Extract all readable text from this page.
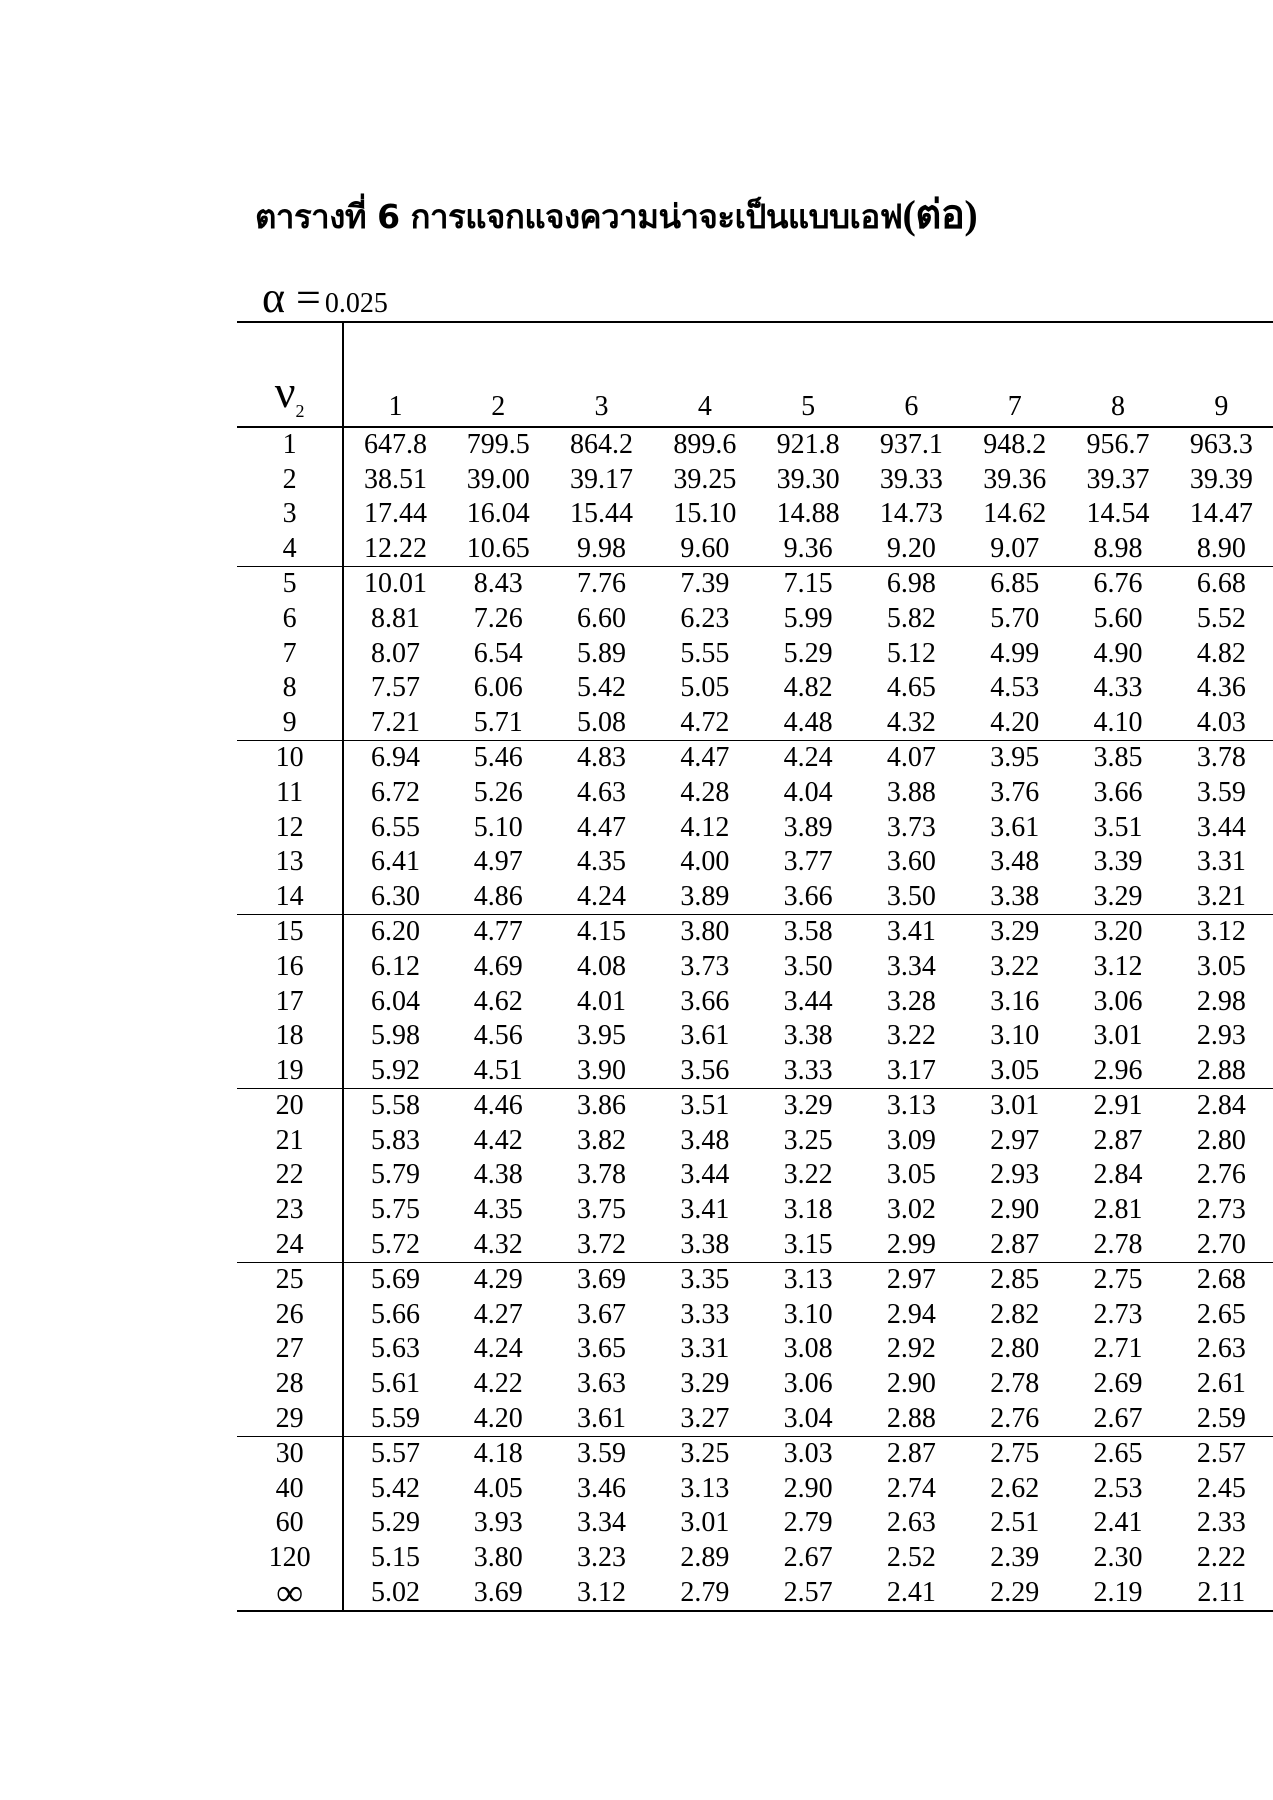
ตารางที่ 6 การแจกแจงความน่าจะเป็นแบบเอฟ(ต่อ)
α = 0.025
$\nu_2$	1	2	3	4	5	6	7	8	9
1	647.8	799.5	864.2	899.6	921.8	937.1	948.2	956.7	963.3
2	38.51	39.00	39.17	39.25	39.30	39.33	39.36	39.37	39.39
3	17.44	16.04	15.44	15.10	14.88	14.73	14.62	14.54	14.47
4	12.22	10.65	9.98	9.60	9.36	9.20	9.07	8.98	8.90
5	10.01	8.43	7.76	7.39	7.15	6.98	6.85	6.76	6.68
6	8.81	7.26	6.60	6.23	5.99	5.82	5.70	5.60	5.52
7	8.07	6.54	5.89	5.55	5.29	5.12	4.99	4.90	4.82
8	7.57	6.06	5.42	5.05	4.82	4.65	4.53	4.33	4.36
9	7.21	5.71	5.08	4.72	4.48	4.32	4.20	4.10	4.03
10	6.94	5.46	4.83	4.47	4.24	4.07	3.95	3.85	3.78
11	6.72	5.26	4.63	4.28	4.04	3.88	3.76	3.66	3.59
12	6.55	5.10	4.47	4.12	3.89	3.73	3.61	3.51	3.44
13	6.41	4.97	4.35	4.00	3.77	3.60	3.48	3.39	3.31
14	6.30	4.86	4.24	3.89	3.66	3.50	3.38	3.29	3.21
15	6.20	4.77	4.15	3.80	3.58	3.41	3.29	3.20	3.12
16	6.12	4.69	4.08	3.73	3.50	3.34	3.22	3.12	3.05
17	6.04	4.62	4.01	3.66	3.44	3.28	3.16	3.06	2.98
18	5.98	4.56	3.95	3.61	3.38	3.22	3.10	3.01	2.93
19	5.92	4.51	3.90	3.56	3.33	3.17	3.05	2.96	2.88
20	5.58	4.46	3.86	3.51	3.29	3.13	3.01	2.91	2.84
21	5.83	4.42	3.82	3.48	3.25	3.09	2.97	2.87	2.80
22	5.79	4.38	3.78	3.44	3.22	3.05	2.93	2.84	2.76
23	5.75	4.35	3.75	3.41	3.18	3.02	2.90	2.81	2.73
24	5.72	4.32	3.72	3.38	3.15	2.99	2.87	2.78	2.70
25	5.69	4.29	3.69	3.35	3.13	2.97	2.85	2.75	2.68
26	5.66	4.27	3.67	3.33	3.10	2.94	2.82	2.73	2.65
27	5.63	4.24	3.65	3.31	3.08	2.92	2.80	2.71	2.63
28	5.61	4.22	3.63	3.29	3.06	2.90	2.78	2.69	2.61
29	5.59	4.20	3.61	3.27	3.04	2.88	2.76	2.67	2.59
30	5.57	4.18	3.59	3.25	3.03	2.87	2.75	2.65	2.57
40	5.42	4.05	3.46	3.13	2.90	2.74	2.62	2.53	2.45
60	5.29	3.93	3.34	3.01	2.79	2.63	2.51	2.41	2.33
120	5.15	3.80	3.23	2.89	2.67	2.52	2.39	2.30	2.22
∞	5.02	3.69	3.12	2.79	2.57	2.41	2.29	2.19	2.11
